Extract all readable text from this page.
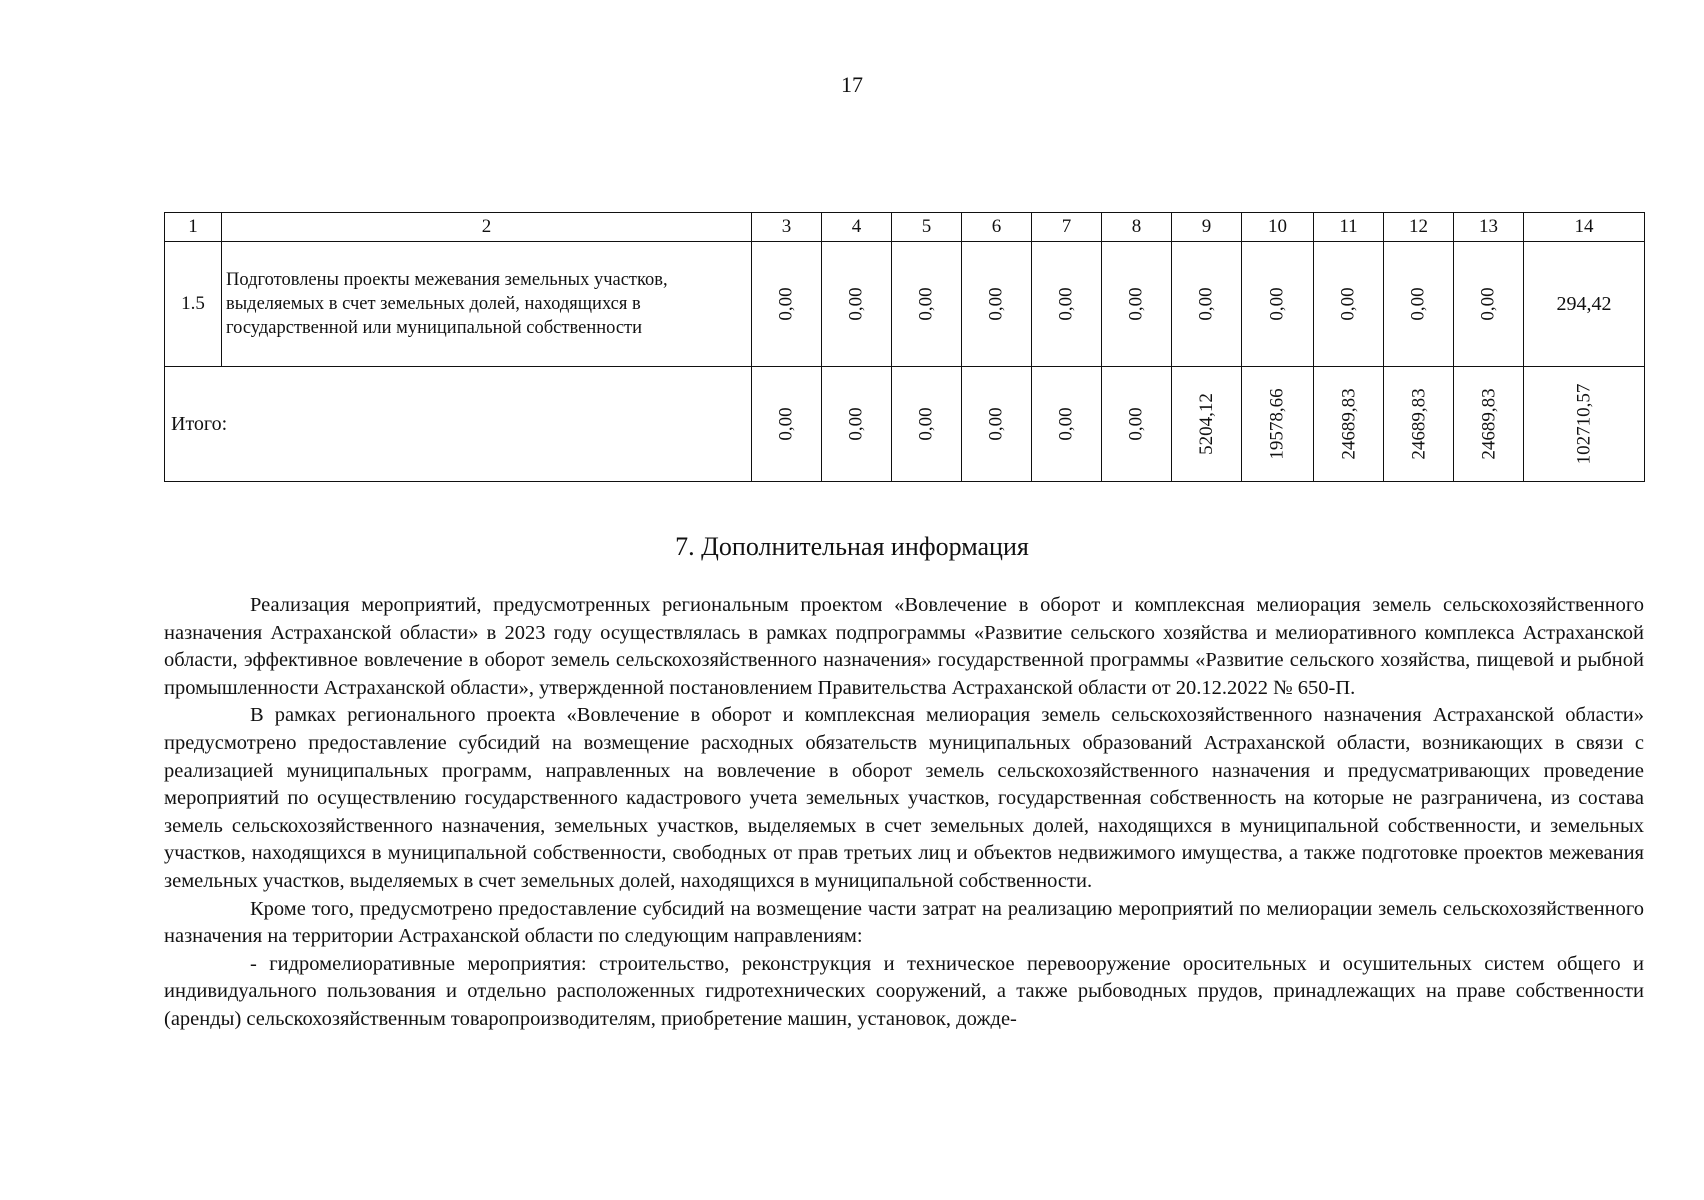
17
1	2	3	4	5	6	7	8	9	10	11	12	13	14
1.5	Подготовлены проекты межевания земельных участков, выделяемых в счет земельных долей, находящихся в государственной или муниципальной собственности	0,00	0,00	0,00	0,00	0,00	0,00	0,00	0,00	0,00	0,00	0,00	294,42
Итого:		0,00	0,00	0,00	0,00	0,00	0,00	5204,12	19578,66	24689,83	24689,83	24689,83	102710,57
7. Дополнительная информация

Реализация мероприятий, предусмотренных региональным проектом «Вовлечение в оборот и комплексная мелиорация земель сельскохозяйственного назначения Астраханской области» в 2023 году осуществлялась в рамках подпрограммы «Развитие сельского хозяйства и мелиоративного комплекса Астраханской области, эффективное вовлечение в оборот земель сельскохозяйственного назначения» государственной программы «Развитие сельского хозяйства, пищевой и рыбной промышленности Астраханской области», утвержденной постановлением Правительства Астраханской области от 20.12.2022 № 650-П.

В рамках регионального проекта «Вовлечение в оборот и комплексная мелиорация земель сельскохозяйственного назначения Астраханской области» предусмотрено предоставление субсидий на возмещение расходных обязательств муниципальных образований Астраханской области, возникающих в связи с реализацией муниципальных программ, направленных на вовлечение в оборот земель сельскохозяйственного назначения и предусматривающих проведение мероприятий по осуществлению государственного кадастрового учета земельных участков, государственная собственность на которые не разграничена, из состава земель сельскохозяйственного назначения, земельных участков, выделяемых в счет земельных долей, находящихся в муниципальной собственности, и земельных участков, находящихся в муниципальной собственности, свободных от прав третьих лиц и объектов недвижимого имущества, а также подготовке проектов межевания земельных участков, выделяемых в счет земельных долей, находящихся в муниципальной собственности.

Кроме того, предусмотрено предоставление субсидий на возмещение части затрат на реализацию мероприятий по мелиорации земель сельскохозяйственного назначения на территории Астраханской области по следующим направлениям:

- гидромелиоративные мероприятия: строительство, реконструкция и техническое перевооружение оросительных и осушительных систем общего и индивидуального пользования и отдельно расположенных гидротехнических сооружений, а также рыбоводных прудов, принадлежащих на праве собственности (аренды) сельскохозяйственным товаропроизводителям, приобретение машин, установок, дожде-
